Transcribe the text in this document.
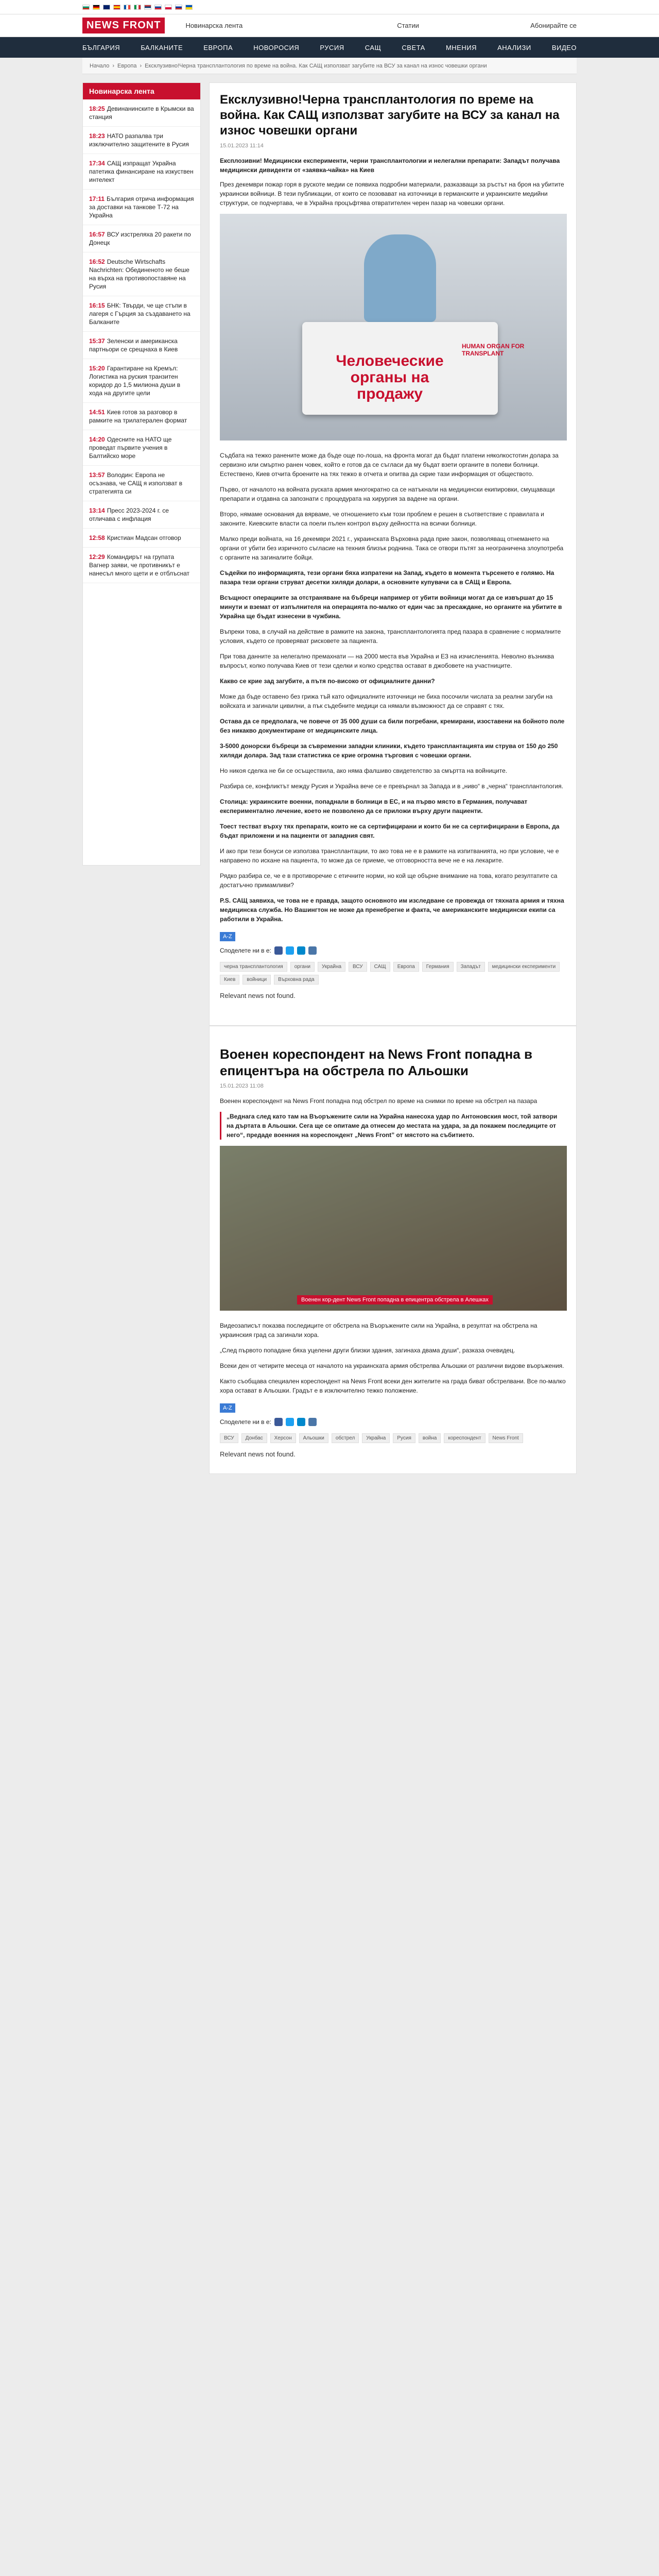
NEWS FRONT	Новинарска лента	Статии	Абонирайте се
БЪЛГАРИЯ	БАЛКАНИТЕ	ЕВРОПА	НОВОРОСИЯ	РУСИЯ	САЩ	СВЕТА	МНЕНИЯ	АНАЛИЗИ	ВИДЕО
Начало › Европа › Ексклузивно!Черна трансплантология по време на война. Как САЩ използват загубите на ВСУ за канал на износ човешки органи
Новинарска лента
18:25 Девинанинските в Крымски ва станция
18:23 НАТО разпалва три изключително защитените в Русия
17:34 САЩ изпращат Украйна патетика финансиране на изкуствен интелект
17:11 България отрича информация за доставки на танкове Т-72 на Украйна
16:57 ВСУ изстреляха 20 ракети по Донецк
16:52 Deutsche Wirtschafts Nachrichten: Обединеното не беше на върха на противопоставяне на Русия
16:15 БНК: Твърди, че ще стъпи в лагеря с Гърция за създаването на Балканите
15:37 Зеленски и американска партньори се срещнаха в Киев
15:20 Гарантиране на Кремъл: Логистика на руския транзитен коридор до 1,5 милиона души в хода на другите цели
14:51 Киев готов за разговор в рамките на трилатерален формат
14:20 Одесните на НАТО ще проведат първите учения в Балтийско море
13:57 Володин: Европа не осъзнава, че САЩ я използват в стратегията си
13:14 Пресс 2023-2024 г. се отличава с инфлация
12:58 Кристиан Мадсан отговор
12:29 Командирът на групата Вагнер заяви, че противникът е нанесъл много щети и е отблъснат
Ексклузивно!Черна трансплантология по време на война. Как САЩ използват загубите на ВСУ за канал на износ човешки органи
15.01.2023 11:14

Експлозивни! Медицински експерименти, черни трансплантологии и нелегални препарати: Западът получава медицински дивиденти от «заявка-чайка» на Киев

През декември пожар горя в рускоте медии се появиха подробни материали, разказващи за ръстът на броя на убитите украински войници. В тези публикации, от които се позовават на източници в германските и украинските медийни структури, се подчертава, че в Украйна процъфтява отвратителен черен пазар на човешки органи.

Человеческие органы на продажу
HUMAN ORGAN FOR TRANSPLANT

Съдбата на тежко ранените може да бъде още по-лоша, на фронта могат да бъдат платени няколкостотин долара за сервизно или смъртно ранен човек, който е готов да се съгласи да му бъдат взети органите в полеви болници. Естествено, Киев отчита броените на тях тежко в отчета и опитва да скрие тази информация от обществото.

Първо, от началото на войната руската армия многократно са се натъкнали на медицински екипировки, смущаващи препарати и отдавна са запознати с процедурата на хирургия за вадене на органи.

Второ, нямаме основания да вярваме, че отношението към този проблем е решен в съответствие с правилата и законите. Киевските власти са поели пълен контрол върху дейността на всички болници.

Малко преди войната, на 16 декември 2021 г., украинската Върховна рада прие закон, позволяващ отнемането на органи от убити без изричното съгласие на техния близък роднина. Така се отвори пътят за неограничена злоупотреба с органите на загиналите бойци.

Съдейки по информацията, тези органи бяха изпратени на Запад, където в момента търсенето е голямо. На пазара тези органи струват десетки хиляди долари, а основните купувачи са в САЩ и Европа.

Всъщност операциите за отстраняване на бъбреци например от убити войници могат да се извършат до 15 минути и вземат от изпълнителя на операцията по-малко от един час за пресаждане, но органите на убитите в Украйна ще бъдат изнесени в чужбина.

Въпреки това, в случай на действие в рамките на закона, трансплантологията пред пазара в сравнение с нормалните условия, където се проверяват рисковете за пациента.

При това данните за нелегално премахнати — на 2000 места във Украйна и ЕЗ на изчисленията. Неволно възниква въпросът, колко получава Киев от тези сделки и колко средства остават в джобовете на участниците.

Какво се крие зад загубите, а пътя по-високо от официалните данни?

Може да бъде оставено без грижа тъй като официалните източници не биха посочили числата за реални загуби на войската и загинали цивилни, а пък съдебните медици са нямали възможност да се справят с тях.

Остава да се предполага, че повече от 35 000 души са били погребани, кремирани, изоставени на бойното поле без никакво документиране от медицинските лица.

3-5000 донорски бъбреци за съвременни западни клиники, където трансплантацията им струва от 150 до 250 хиляди долара. Зад тази статистика се крие огромна търговия с човешки органи.

Но никоя сделка не би се осъществила, ако няма фалшиво свидетелство за смъртта на войниците.

Разбира се, конфликтът между Русия и Украйна вече се е превърнал за Запада и в „ниво“ в „черна“ трансплантология.

Столица: украинските военни, попаднали в болници в ЕС, и на първо място в Германия, получават експериментално лечение, което не позволено да се приложи върху други пациенти.

Тоест тестват върху тях препарати, които не са сертифицирани и които би не са сертифицирани в Европа, да бъдат приложени и на пациенти от западния свят.

И ако при тези бонуси се използва трансплантации, то ако това не е в рамките на изпитванията, но при условие, че е направено по искане на пациента, то може да се приеме, че отговорността вече не е на лекарите.

Рядко разбира се, че е в противоречие с етичните норми, но кой ще обърне внимание на това, когато резултатите са достатъчно примамливи?

P.S. САЩ заявиха, че това не е правда, защото основното им изследване се провежда от тяхната армия и тяхна медицинска служба. Но Вашингтон не може да пренебрегне и факта, че американските медицински екипи са работили в Украйна.

A-Z
Споделете ни в е:
черна трансплантология	органи	Украйна	ВСУ	САЩ	Европа	Германия	Западът	медицински експерименти
Киев	войници	Върховна рада
Relevant news not found.
Военен кореспондент на News Front попадна в епицентъра на обстрела по Альошки
15.01.2023 11:08

Военен кореспондент на News Front попадна под обстрел по време на снимки по време на обстрел на пазара

„Веднага след като там на Въоръжените сили на Украйна нанесоха удар по Антоновския мост, той затвори на дъртата в Альошки. Сега ще се опитаме да отнесем до местата на удара, за да покажем последиците от него“, предаде военния на кореспондент „News Front” от мястото на събитието.

Военен кор-дент News Front попадна в епицентра обстрела в Алешках

Видеозаписът показва последиците от обстрела на Въоръжените сили на Украйна, в резултат на обстрела на украинския град са загинали хора.

„След първото попадане бяха уцелени други близки здания, загинаха двама души“, разказа очевидец.

Всеки ден от четирите месеца от началото на украинската армия обстрелва Альошки от различни видове въоръжения.

Както съобщава специален кореспондент на News Front всеки ден жителите на града биват обстрелвани. Все по-малко хора остават в Альошки. Градът е в изключително тежко положение.

A-Z
Споделете ни в е:
ВСУ	Донбас	Херсон	Альошки	обстрел	Украйна	Русия	война	кореспондент	News Front
Relevant news not found.
